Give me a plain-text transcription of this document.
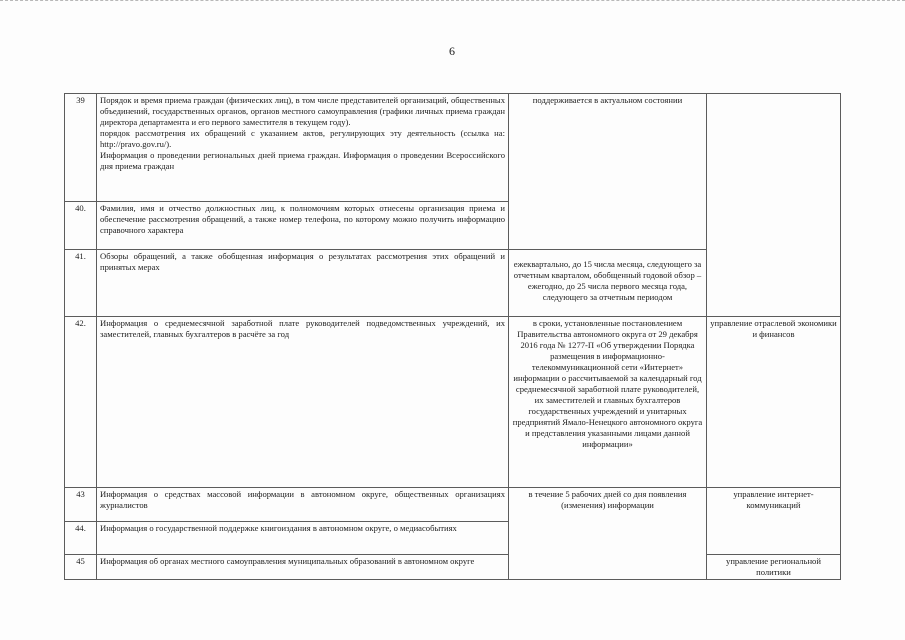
6
39	Порядок и время приема граждан (физических лиц), в том числе представителей организаций, общественных объединений, государственных органов, органов местного самоуправления (графики личных приема граждан директора департамента и его первого заместителя в текущем году).
порядок рассмотрения их обращений с указанием актов, регулирующих эту деятельность (ссылка на: http://pravo.gov.ru/).
Информация о проведении региональных дней приема граждан. Информация о проведении Всероссийского дня приема граждан	поддерживается в актуальном состоянии	
40.	Фамилия, имя и отчество должностных лиц, к полномочиям которых отнесены организация приема и обеспечение рассмотрения обращений, а также номер телефона, по которому можно получить информацию справочного характера		

41.	Обзоры обращений, а также обобщенная информация о результатах рассмотрения этих обращений и принятых мерах	ежеквартально, до 15 числа месяца, следующего за отчетным кварталом, обобщенный годовой обзор – ежегодно, до 25 числа первого месяца года, следующего за отчетным периодом	

42.	Информация о среднемесячной заработной плате руководителей подведомственных учреждений, их заместителей, главных бухгалтеров в расчёте за год	в сроки, установленные постановлением Правительства автономного округа от 29 декабря 2016 года № 1277-П «Об утверждении Порядка размещения в информационно-телекоммуникационной сети «Интернет» информации о рассчитываемой за календарный год среднемесячной заработной плате руководителей, их заместителей и главных бухгалтеров государственных учреждений и унитарных предприятий Ямало-Ненецкого автономного округа и представления указанными лицами данной информации»	управление отраслевой экономики и финансов
43	Информация о средствах массовой информации в автономном округе, общественных организациях журналистов	в течение 5 рабочих дней со дня появления (изменения) информации	управление интернет-коммуникаций
44.	Информация о государственной поддержке книгоиздания в автономном округе, о медиасобытиях		

45	Информация об органах местного самоуправления муниципальных образований в автономном округе		управление региональной политики
